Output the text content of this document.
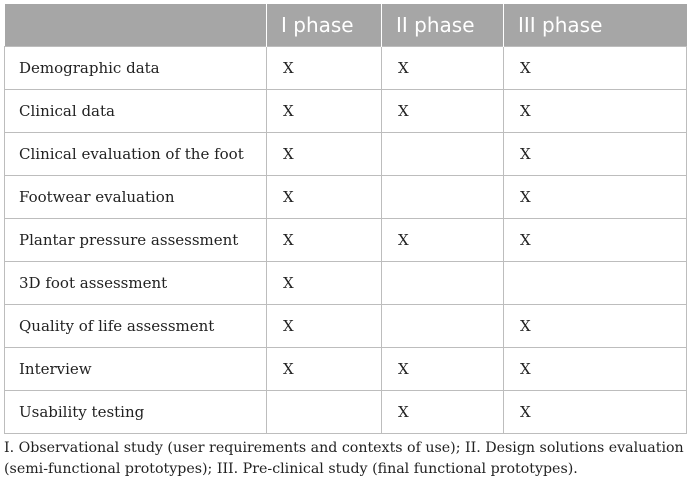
	I phase	II phase	III phase
Demographic data	X	X	X
Clinical data	X	X	X
Clinical evaluation of the foot	X		X
Footwear evaluation	X		X
Plantar pressure assessment	X	X	X
3D foot assessment	X		
Quality of life assessment	X		X
Interview	X	X	X
Usability testing		X	X
I. Observational study (user requirements and contexts of use); II. Design solutions evaluation
(semi-functional prototypes); III. Pre-clinical study (final functional prototypes).
